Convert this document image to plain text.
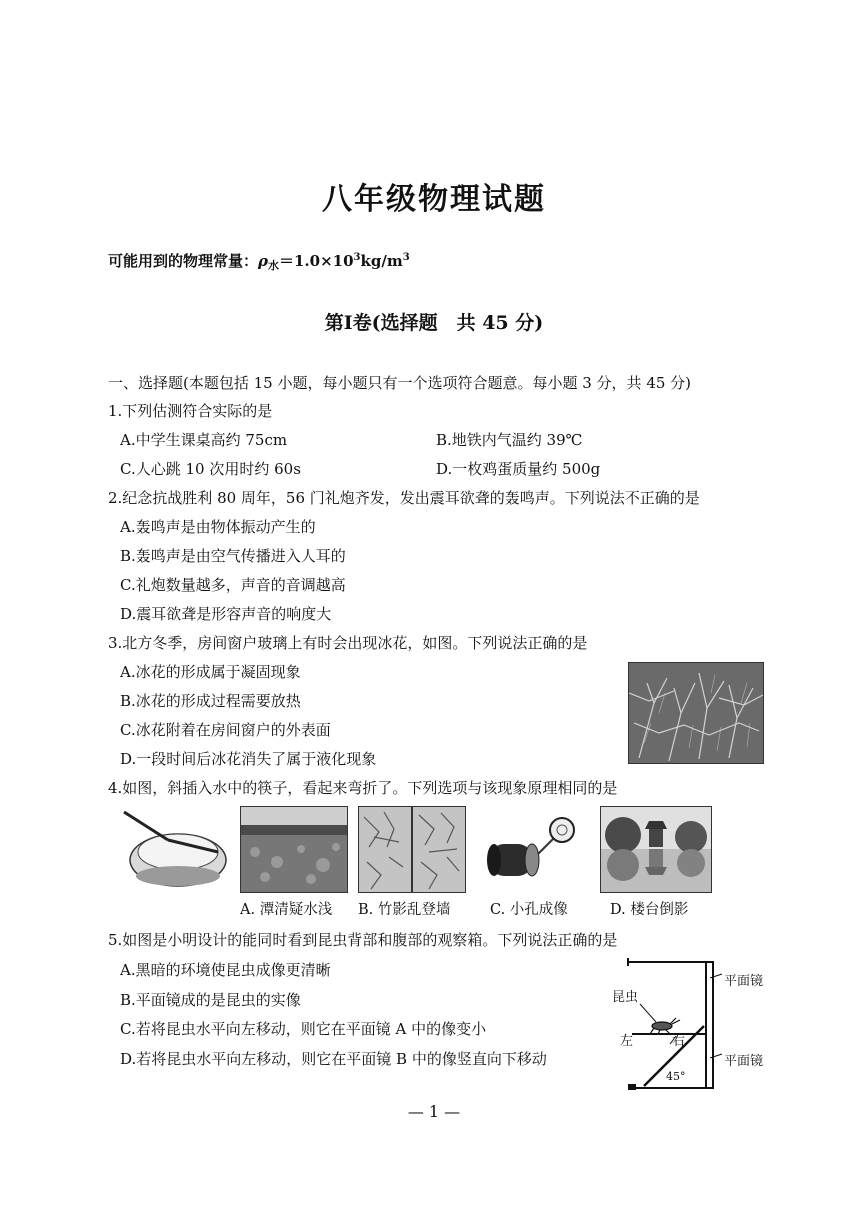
八年级物理试题
可能用到的物理常量：$\rho_水=1.0\times 10^3kg/m^3$
第Ⅰ卷(选择题　共 45 分)
一、选择题(本题包括 15 小题，每小题只有一个选项符合题意。每小题 3 分，共 45 分)
1.下列估测符合实际的是
A.中学生课桌高约 75cm	B.地铁内气温约 39℃
C.人心跳 10 次用时约 60s	D.一枚鸡蛋质量约 500g
2.纪念抗战胜利 80 周年，56 门礼炮齐发，发出震耳欲聋的轰鸣声。下列说法不正确的是
A.轰鸣声是由物体振动产生的
B.轰鸣声是由空气传播进入人耳的
C.礼炮数量越多，声音的音调越高
D.震耳欲聋是形容声音的响度大
3.北方冬季，房间窗户玻璃上有时会出现冰花，如图。下列说法正确的是
A.冰花的形成属于凝固现象
B.冰花的形成过程需要放热
C.冰花附着在房间窗户的外表面
D.一段时间后冰花消失了属于液化现象
4.如图，斜插入水中的筷子，看起来弯折了。下列选项与该现象原理相同的是
A. 潭清疑水浅 B. 竹影乱登墙	C. 小孔成像	D. 楼台倒影
5.如图是小明设计的能同时看到昆虫背部和腹部的观察箱。下列说法正确的是
A.黑暗的环境使昆虫成像更清晰
B.平面镜成的是昆虫的实像
C.若将昆虫水平向左移动，则它在平面镜 A 中的像变小
D.若将昆虫水平向左移动，则它在平面镜 B 中的像竖直向下移动
昆虫
平面镜
平面镜
左	右
45°
— 1 —
